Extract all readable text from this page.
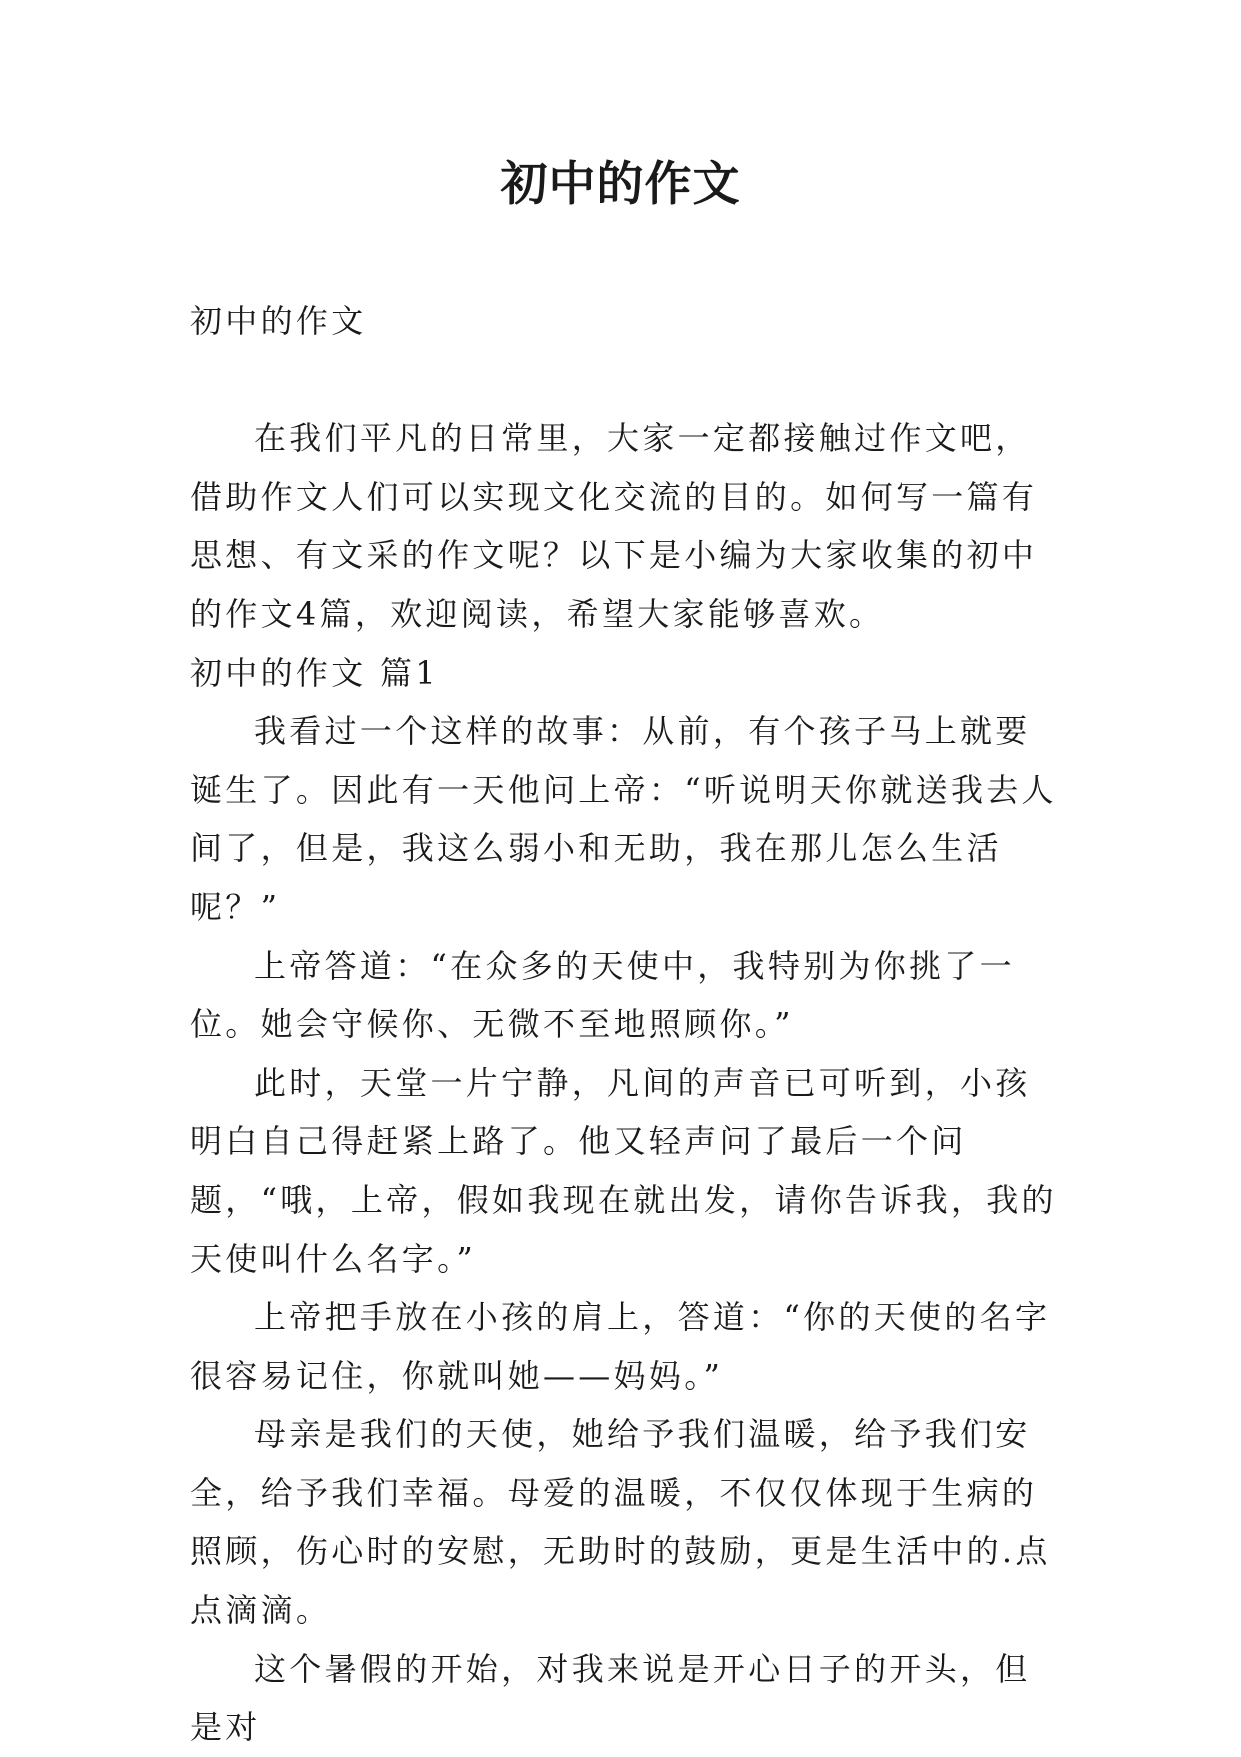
初中的作文

初中的作文

在我们平凡的日常里，大家一定都接触过作文吧，借助作文人们可以实现文化交流的目的。如何写一篇有思想、有文采的作文呢？以下是小编为大家收集的初中的作文4篇，欢迎阅读，希望大家能够喜欢。

初中的作文 篇1

我看过一个这样的故事：从前，有个孩子马上就要诞生了。因此有一天他问上帝：“听说明天你就送我去人间了，但是，我这么弱小和无助，我在那儿怎么生活呢？”

上帝答道：“在众多的天使中，我特别为你挑了一位。她会守候你、无微不至地照顾你。”

此时，天堂一片宁静，凡间的声音已可听到，小孩明白自己得赶紧上路了。他又轻声问了最后一个问题，“哦，上帝，假如我现在就出发，请你告诉我，我的天使叫什么名字。”

上帝把手放在小孩的肩上，答道：“你的天使的名字很容易记住，你就叫她——妈妈。”

母亲是我们的天使，她给予我们温暖，给予我们安全，给予我们幸福。母爱的温暖，不仅仅体现于生病的照顾，伤心时的安慰，无助时的鼓励，更是生活中的.点点滴滴。

这个暑假的开始，对我来说是开心日子的开头，但是对
